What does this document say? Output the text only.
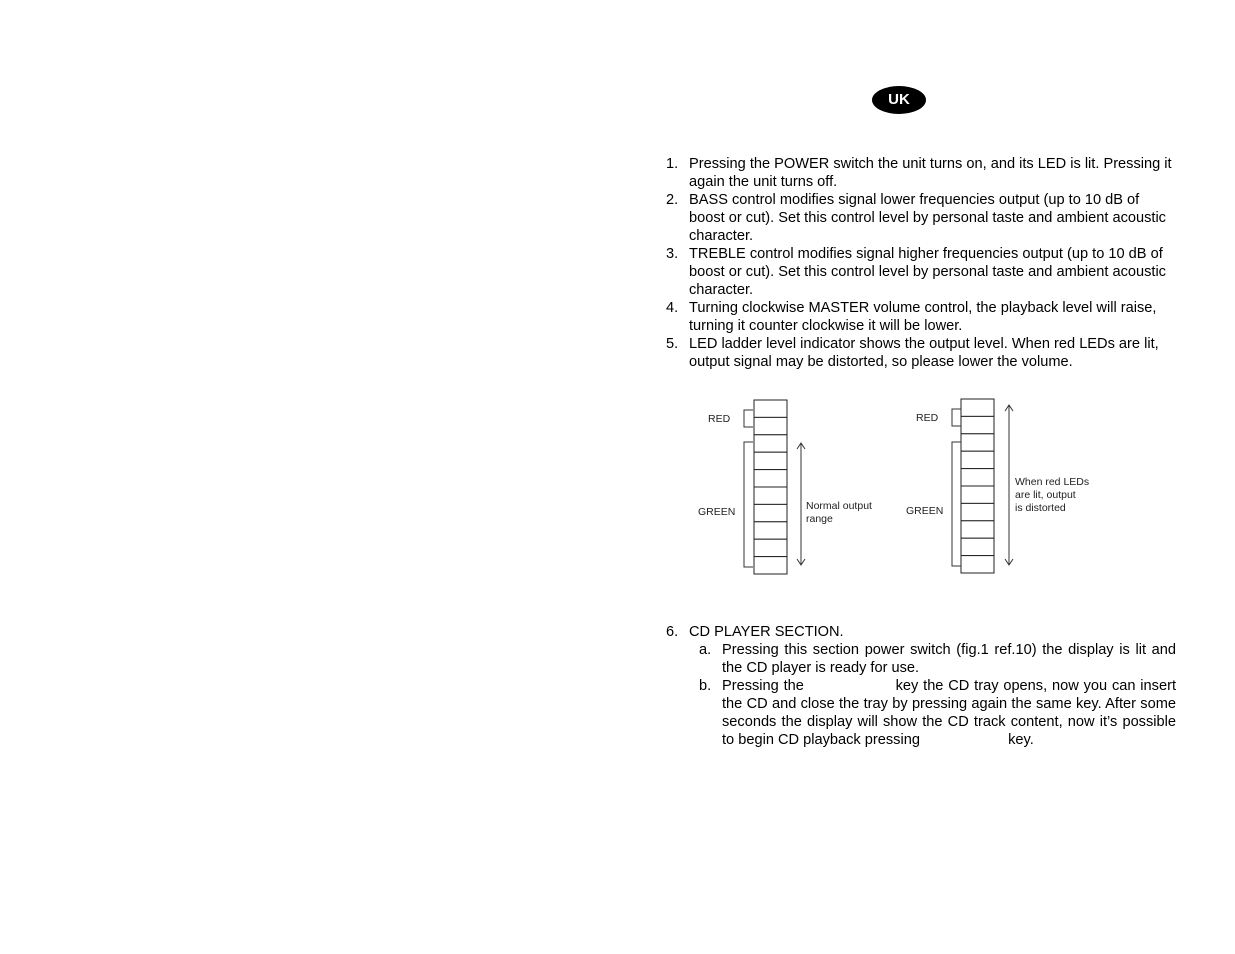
UK
1. Pressing the POWER switch the unit turns on, and its LED is lit. Pressing it again the unit turns off.
2. BASS control modifies signal lower frequencies output (up to 10 dB of boost or cut). Set this control level by personal taste and ambient acoustic character.
3. TREBLE control modifies signal higher frequencies output (up to 10 dB of boost or cut). Set this control level by personal taste and ambient acoustic character.
4. Turning clockwise MASTER volume control, the playback level will raise, turning it counter clockwise it will be lower.
5. LED ladder level indicator shows the output level. When red LEDs are lit, output signal may be distorted, so please lower the volume.
RED
GREEN	Normal output
range
RED
GREEN
When red LEDs
are lit, output
is distorted
6. CD PLAYER SECTION.
a. Pressing this section power switch (fig.1 ref.10) the display is lit and the CD player is ready for use.
b. Pressing the	key the CD tray opens, now you can insert the CD and close the tray by pressing again the same key. After some seconds the display will show the CD track content, now it’s possible to begin CD playback pressing	key.
